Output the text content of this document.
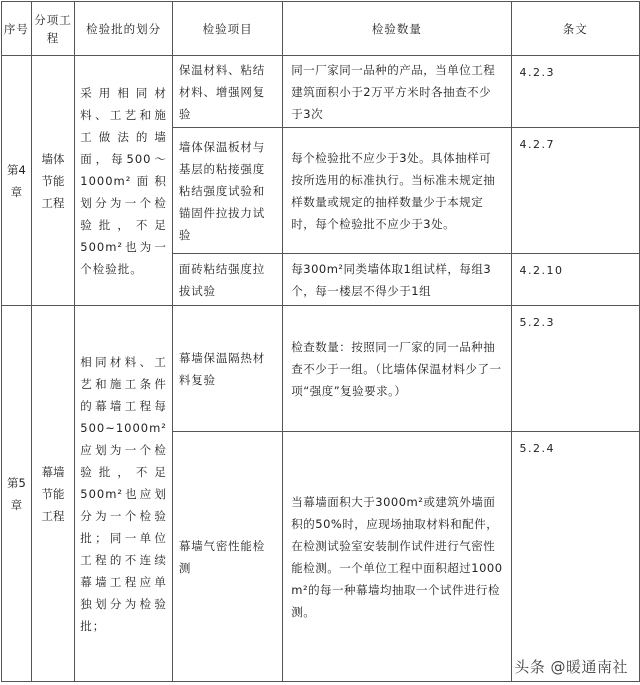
序号	分项工程	检验批的划分	检验项目	检验数量	条文
第4章	墙体节能工程	采用相同材料、工艺和施工做法的墙面，每500～1000m²面积划分为一个检验批，不足500m²也为一个检验批。	保温材料、粘结材料、增强网复验	同一厂家同一品种的产品，当单位工程建筑面积小于2万平方米时各抽查不少于3次	4.2.3
			墙体保温板材与基层的粘接强度粘结强度试验和锚固件拉拔力试验	每个检验批不应少于3处。具体抽样可按所选用的标准执行。当标准未规定抽样数量或规定的抽样数量少于本规定时，每个检验批不应少于3处。	4.2.7
			面砖粘结强度拉拔试验	每300m²同类墙体取1组试样，每组3个，每一楼层不得少于1组	4.2.10
第5章	幕墙节能工程	相同材料、工艺和施工条件的幕墙工程每500~1000m²应划为一个检验批，不足500m²也应划分为一个检验批；同一单位工程的不连续幕墙工程应单独划分为检验批；	幕墙保温隔热材料复验	检查数量：按照同一厂家的同一品种抽查不少于一组。（比墙体保温材料少了一项“强度”复验要求。）	5.2.3
			幕墙气密性能检测	当幕墙面积大于3000m²或建筑外墙面积的50%时，应现场抽取材料和配件，在检测试验室安装制作试件进行气密性能检测。一个单位工程中面积超过1000 m²的每一种幕墙均抽取一个试件进行检测。	5.2.4
头条 @暖通南社
